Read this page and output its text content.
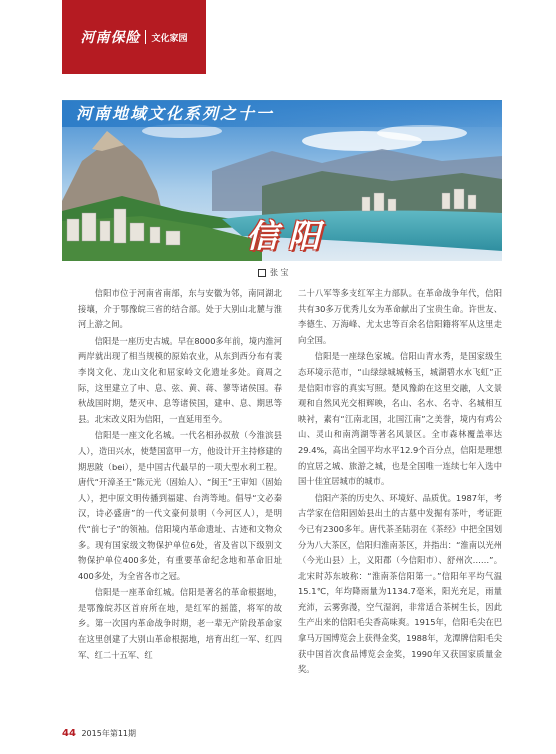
河南保险 文化家园
河南地域文化系列之十一
信阳
张 宝

信阳市位于河南省南部，东与安徽为邻，南同湖北接壤，介于鄂豫皖三省的结合部。处于大别山北麓与淮河上游之间。

信阳是一座历史古城。早在8000多年前，境内淮河两岸就出现了相当规模的原始农业，从东到西分布有裴李岗文化、龙山文化和屈家岭文化遗址多处。商周之际，这里建立了申、息、弦、黄、蒋、蓼等诸侯国。春秋战国时期，楚灭申、息等诸侯国，建申、息、期思等县。北宋改义阳为信阳，一直延用至今。

信阳是一座文化名城。一代名相孙叔敖（今淮滨县人），造田兴水，使楚国富甲一方，他设计开主持修建的期思陂（bei），是中国古代最早的一项大型水利工程。唐代“开漳圣王”陈元光（固始人）、“闽王”王审知（固始人），把中原文明传播到福建、台湾等地。倡导“文必秦汉，诗必盛唐”的一代文豪何景明（今河区人），是明代“前七子”的领袖。信阳境内革命遗址、古迹和文物众多。现有国家级文物保护单位6处，省及省以下级别文物保护单位400多处，有重要革命纪念地和革命旧址400多处，为全省各市之冠。

信阳是一座革命红城。信阳是著名的革命根据地，是鄂豫皖苏区首府所在地，是红军的摇篮，将军的故乡。第一次国内革命战争时期，老一辈无产阶段革命家在这里创建了大别山革命根据地，培育出红一军、红四军、红二十五军、红

二十八军等多支红军主力部队。在革命战争年代，信阳共有30多万优秀儿女为革命献出了宝贵生命。许世友、李德生、万海峰、尤太忠等百余名信阳籍将军从这里走向全国。

信阳是一座绿色家城。信阳山青水秀，是国家级生态环境示范市，“山绿绿城城畅玉，城湖碧水水飞虹”正是信阳市容的真实写照。楚风豫韵在这里交融，人文景观和自然风光交相辉映，名山、名水、名寺、名城相互映衬，素有“江南北国，北国江南”之美誉，境内有鸡公山、灵山和南湾湖等著名风景区。全市森林覆盖率达29.4%，高出全国平均水平12.9个百分点，信阳是理想的宜居之城、旅游之城，也是全国唯一连续七年入选中国十佳宜居城市的城市。

信阳产茶的历史久、环境好、品质优。1987年，考古学家在信阳固始县出土的古墓中发掘有茶叶，考证距今已有2300多年。唐代茶圣陆羽在《茶经》中把全国划分为八大茶区，信阳归淮南茶区，并指出：“淮南以光州（今光山县）上，义阳郡（今信阳市）、舒州次……”。北宋时苏东坡称：“淮南茶信阳第一。”信阳年平均气温15.1℃，年均降雨量为1134.7毫米，阳光充足，雨量充沛，云雾弥漫，空气湿润，非常适合茶树生长，因此生产出来的信阳毛尖香高味爽。1915年，信阳毛尖在巴拿马万国博览会上获得金奖，1988年，龙潭牌信阳毛尖获中国首次食品博览会金奖，1990年又获国家质量金奖。

44 2015年第11期
